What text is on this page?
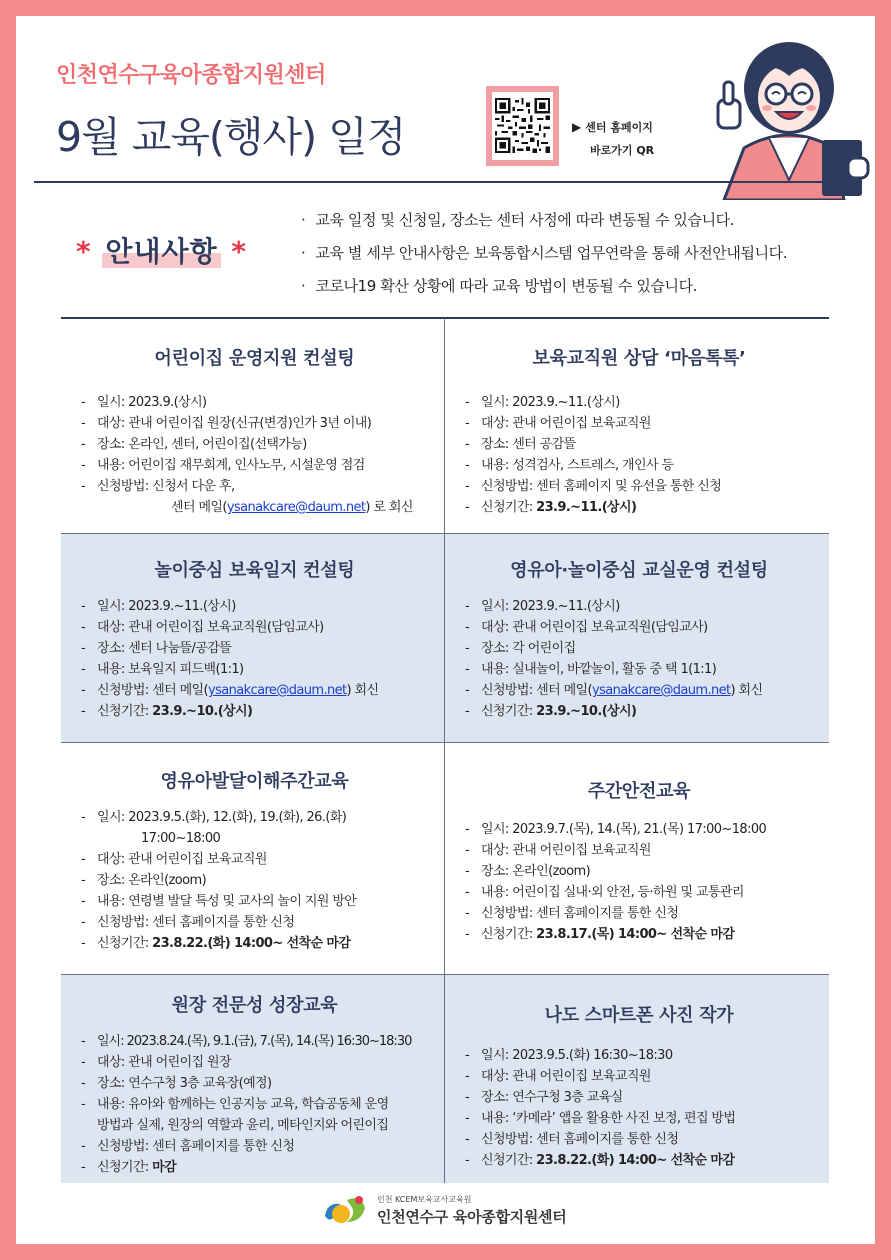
인천연수구육아종합지원센터
9월 교육(행사) 일정	▶ 센터 홈페이지
바로가기 QR
* 안내사항 *
· 교육 일정 및 신청일, 장소는 센터 사정에 따라 변동될 수 있습니다.
· 교육 별 세부 안내사항은 보육통합시스템 업무연락을 통해 사전안내됩니다.
· 코로나19 확산 상황에 따라 교육 방법이 변동될 수 있습니다.
어린이집 운영지원 컨설팅
- 일시: 2023.9.(상시)
- 대상: 관내 어린이집 원장(신규(변경)인가 3년 이내)
- 장소: 온라인, 센터, 어린이집(선택가능)
- 내용: 어린이집 재무회계, 인사노무, 시설운영 점검
- 신청방법: 신청서 다운 후,
센터 메일(ysanakcare@daum.net) 로 회신
보육교직원 상담 ‘마음톡톡’
- 일시: 2023.9.~11.(상시)
- 대상: 관내 어린이집 보육교직원
- 장소: 센터 공감뜰
- 내용: 성격검사, 스트레스, 개인사 등
- 신청방법: 센터 홈페이지 및 유선을 통한 신청
- 신청기간: 23.9.~11.(상시)
놀이중심 보육일지 컨설팅
- 일시: 2023.9.~11.(상시)
- 대상: 관내 어린이집 보육교직원(담임교사)
- 장소: 센터 나눔뜰/공감뜰
- 내용: 보육일지 피드백(1:1)
- 신청방법: 센터 메일(ysanakcare@daum.net) 회신
- 신청기간: 23.9.~10.(상시)
영유아·놀이중심 교실운영 컨설팅
- 일시: 2023.9.~11.(상시)
- 대상: 관내 어린이집 보육교직원(담임교사)
- 장소: 각 어린이집
- 내용: 실내놀이, 바깥놀이, 활동 중 택 1(1:1)
- 신청방법: 센터 메일(ysanakcare@daum.net) 회신
- 신청기간: 23.9.~10.(상시)
영유아발달이해주간교육
- 일시: 2023.9.5.(화), 12.(화), 19.(화), 26.(화)
17:00~18:00
- 대상: 관내 어린이집 보육교직원
- 장소: 온라인(zoom)
- 내용: 연령별 발달 특성 및 교사의 놀이 지원 방안
- 신청방법: 센터 홈페이지를 통한 신청
- 신청기간: 23.8.22.(화) 14:00~ 선착순 마감
주간안전교육
- 일시: 2023.9.7.(목), 14.(목), 21.(목) 17:00~18:00
- 대상: 관내 어린이집 보육교직원
- 장소: 온라인(zoom)
- 내용: 어린이집 실내·외 안전, 등·하원 및 교통관리
- 신청방법: 센터 홈페이지를 통한 신청
- 신청기간: 23.8.17.(목) 14:00~ 선착순 마감
원장 전문성 성장교육
- 일시: 2023.8.24.(목), 9.1.(금), 7.(목), 14.(목) 16:30~18:30
- 대상: 관내 어린이집 원장
- 장소: 연수구청 3층 교육장(예정)
- 내용: 유아와 함께하는 인공지능 교육, 학습공동체 운영
방법과 실제, 원장의 역할과 윤리, 메타인지와 어린이집
- 신청방법: 센터 홈페이지를 통한 신청
- 신청기간: 마감
나도 스마트폰 사진 작가
- 일시: 2023.9.5.(화) 16:30~18:30
- 대상: 관내 어린이집 보육교직원
- 장소: 연수구청 3층 교육실
- 내용: ‘카메라’ 앱을 활용한 사진 보정, 편집 방법
- 신청방법: 센터 홈페이지를 통한 신청
- 신청기간: 23.8.22.(화) 14:00~ 선착순 마감
인천 KCEM보육교사교육원
인천연수구 육아종합지원센터
